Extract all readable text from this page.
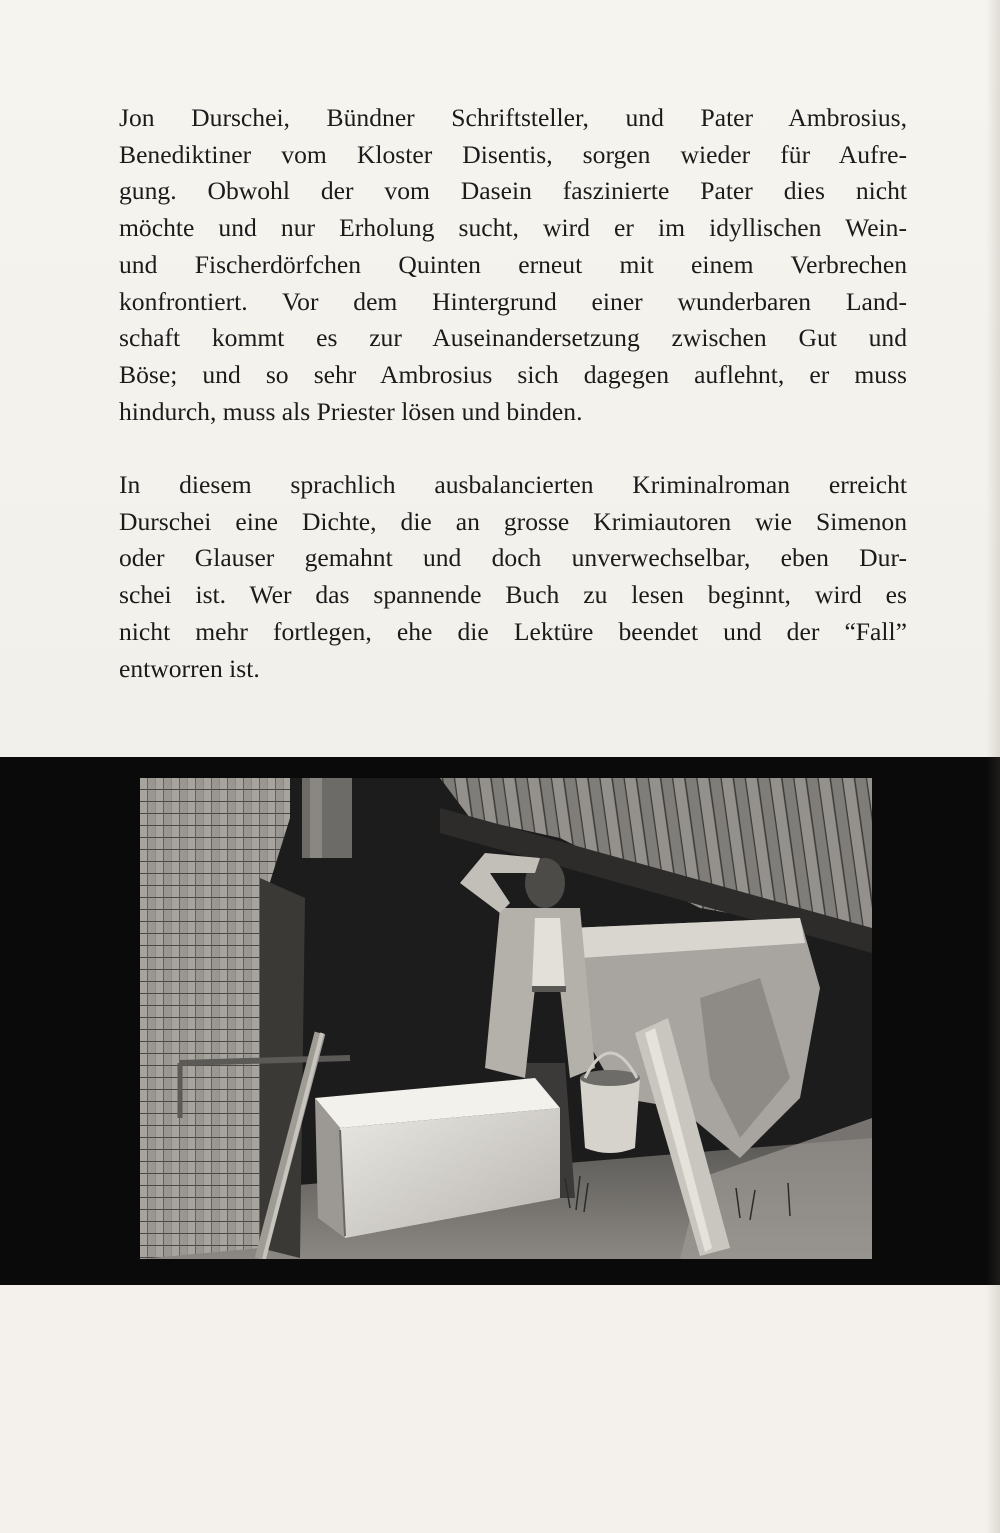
Jon Durschei, Bündner Schriftsteller, und Pater Ambrosius,
Benediktiner vom Kloster Disentis, sorgen wieder für Aufre-
gung. Obwohl der vom Dasein faszinierte Pater dies nicht
möchte und nur Erholung sucht, wird er im idyllischen Wein-
und Fischerdörfchen Quinten erneut mit einem Verbrechen
konfrontiert. Vor dem Hintergrund einer wunderbaren Land-
schaft kommt es zur Auseinandersetzung zwischen Gut und
Böse; und so sehr Ambrosius sich dagegen auflehnt, er muss
hindurch, muss als Priester lösen und binden.
In diesem sprachlich ausbalancierten Kriminalroman erreicht
Durschei eine Dichte, die an grosse Krimiautoren wie Simenon
oder Glauser gemahnt und doch unverwechselbar, eben Dur-
schei ist. Wer das spannende Buch zu lesen beginnt, wird es
nicht mehr fortlegen, ehe die Lektüre beendet und der “Fall”
entworren ist.
